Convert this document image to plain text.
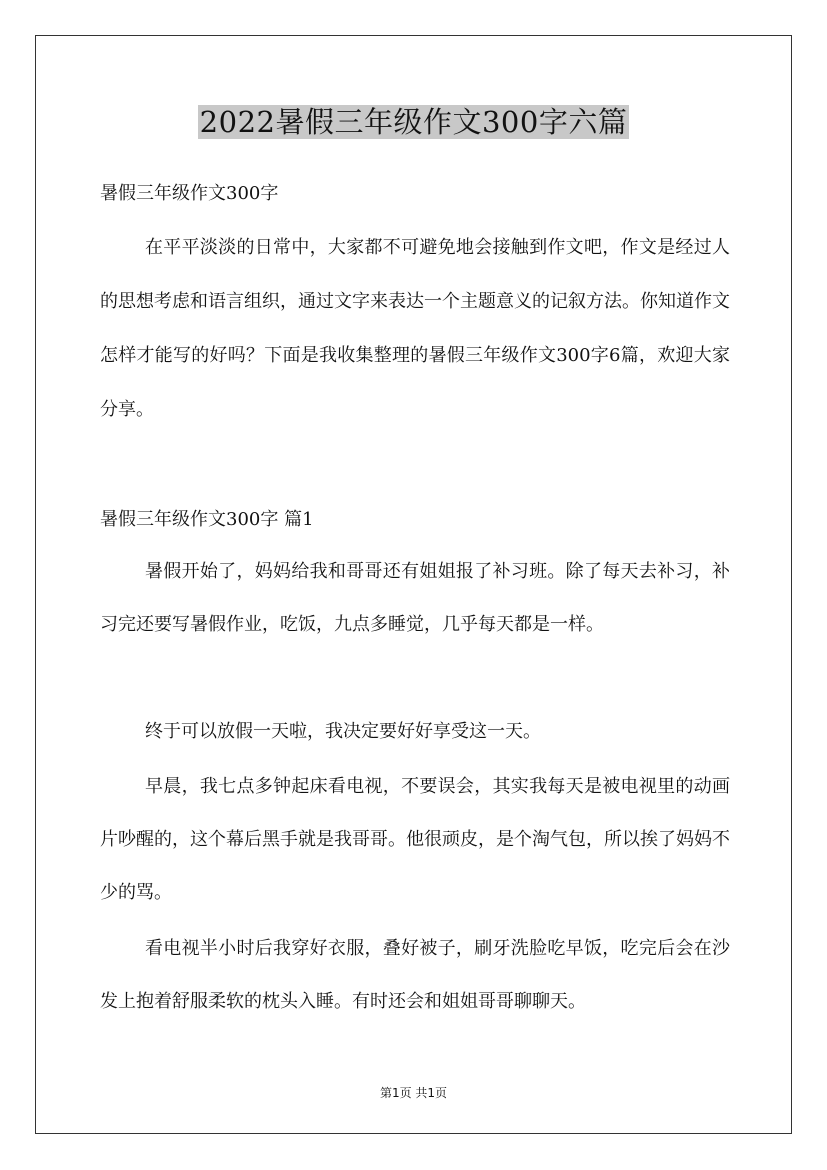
2022暑假三年级作文300字六篇
暑假三年级作文300字

在平平淡淡的日常中，大家都不可避免地会接触到作文吧，作文是经过人的思想考虑和语言组织，通过文字来表达一个主题意义的记叙方法。你知道作文怎样才能写的好吗？下面是我收集整理的暑假三年级作文300字6篇，欢迎大家分享。

暑假三年级作文300字 篇1

暑假开始了，妈妈给我和哥哥还有姐姐报了补习班。除了每天去补习，补习完还要写暑假作业，吃饭，九点多睡觉，几乎每天都是一样。

终于可以放假一天啦，我决定要好好享受这一天。

早晨，我七点多钟起床看电视，不要误会，其实我每天是被电视里的动画片吵醒的，这个幕后黑手就是我哥哥。他很顽皮，是个淘气包，所以挨了妈妈不少的骂。

看电视半小时后我穿好衣服，叠好被子，刷牙洗脸吃早饭，吃完后会在沙发上抱着舒服柔软的枕头入睡。有时还会和姐姐哥哥聊聊天。

第1页 共1页
